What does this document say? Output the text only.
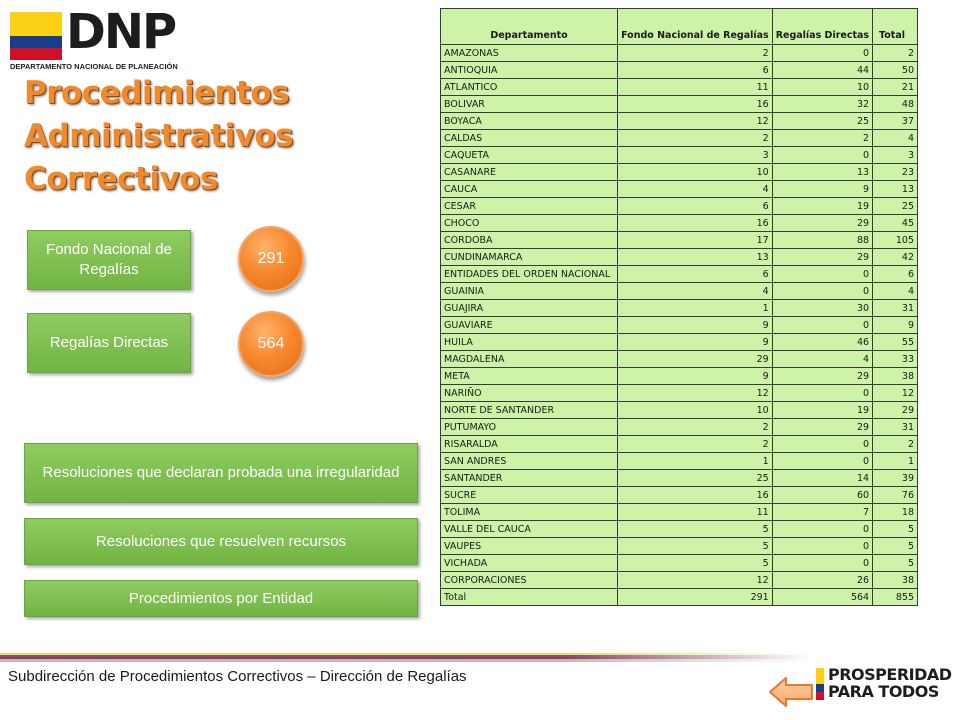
DNP
DEPARTAMENTO NACIONAL DE PLANEACIÓN
Procedimientos
Administrativos
Correctivos
Fondo Nacional de Regalías
291
Regalías Directas	564
Resoluciones que declaran probada una irregularidad
Resoluciones que resuelven recursos
Procedimientos por Entidad
Departamento	Fondo Nacional de Regalías	Regalías Directas	Total
AMAZONAS	2	0	2
ANTIOQUIA	6	44	50
ATLANTICO	11	10	21
BOLIVAR	16	32	48
BOYACA	12	25	37
CALDAS	2	2	4
CAQUETA	3	0	3
CASANARE	10	13	23
CAUCA	4	9	13
CESAR	6	19	25
CHOCO	16	29	45
CORDOBA	17	88	105
CUNDINAMARCA	13	29	42
ENTIDADES DEL ORDEN NACIONAL	6	0	6
GUAINIA	4	0	4
GUAJIRA	1	30	31
GUAVIARE	9	0	9
HUILA	9	46	55
MAGDALENA	29	4	33
META	9	29	38
NARIÑO	12	0	12
NORTE DE SANTANDER	10	19	29
PUTUMAYO	2	29	31
RISARALDA	2	0	2
SAN ANDRES	1	0	1
SANTANDER	25	14	39
SUCRE	16	60	76
TOLIMA	11	7	18
VALLE DEL CAUCA	5	0	5
VAUPES	5	0	5
VICHADA	5	0	5
CORPORACIONES	12	26	38
Total	291	564	855
Subdirección de Procedimientos Correctivos – Dirección de Regalías	PROSPERIDAD
PARA TODOS
